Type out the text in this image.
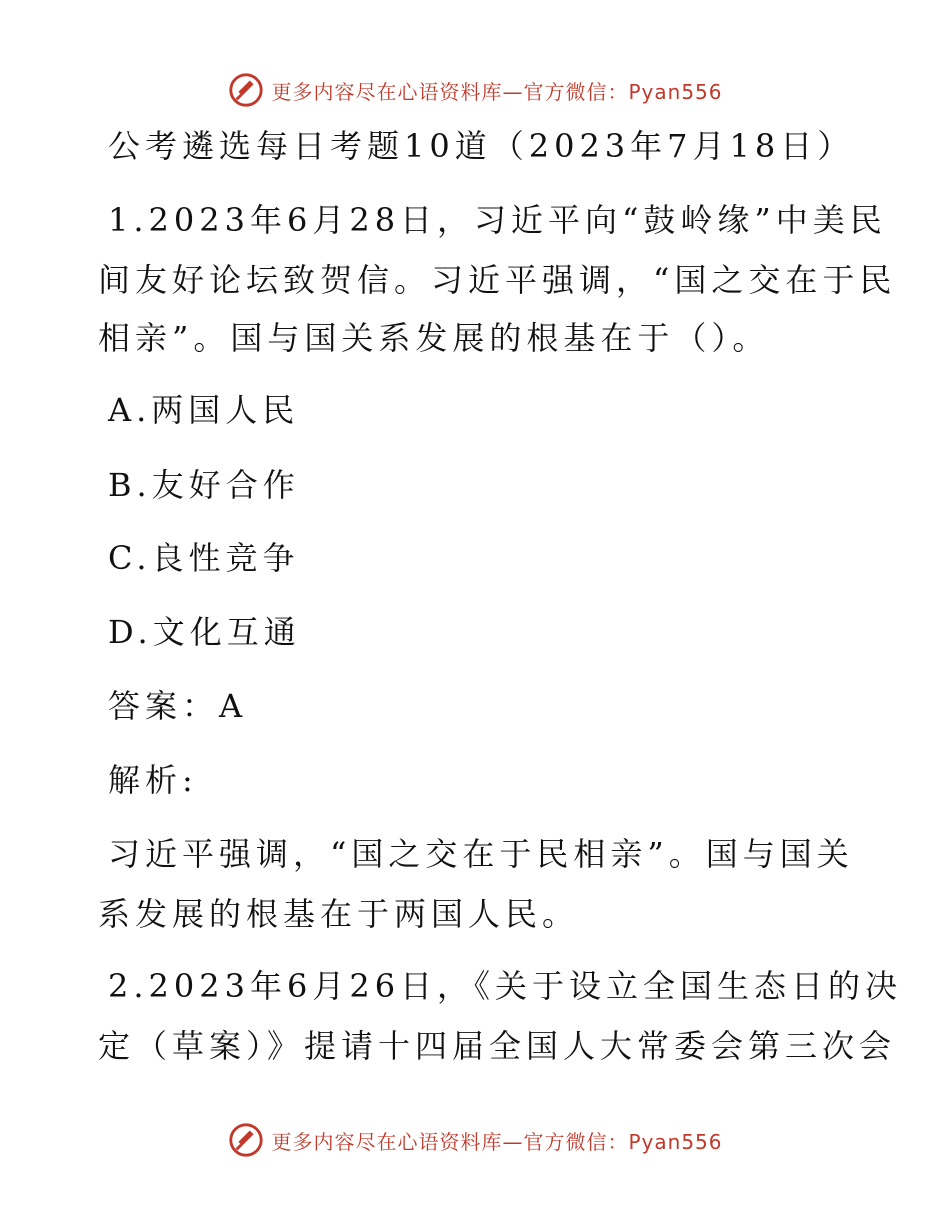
更多内容尽在心语资料库—官方微信：Pyan556
公考遴选每日考题10道（2023年7月18日）
1.2023年6月28日，习近平向“鼓岭缘”中美民
间友好论坛致贺信。习近平强调，“国之交在于民
相亲”。国与国关系发展的根基在于（）。
A.两国人民
B.友好合作
C.良性竞争
D.文化互通
答案：A
解析:
习近平强调，“国之交在于民相亲”。国与国关
系发展的根基在于两国人民。
2.2023年6月26日，《关于设立全国生态日的决
定（草案）》提请十四届全国人大常委会第三次会
更多内容尽在心语资料库—官方微信：Pyan556
